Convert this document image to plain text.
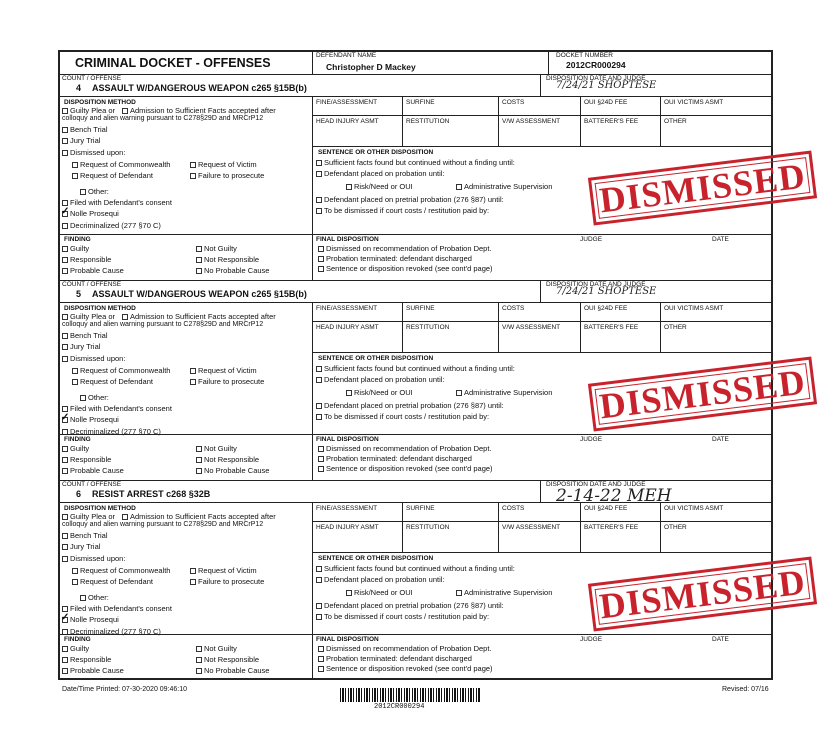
CRIMINAL DOCKET - OFFENSES
DEFENDANT NAME
Christopher D Mackey
DOCKET NUMBER
2012CR000294
COUNT / OFFENSE	DISPOSITION DATE AND JUDGE
4 ASSAULT W/DANGEROUS WEAPON c265 §15B(b)	7/24/21 SHOPTESE
DISPOSITION METHOD
Guilty Plea or	Admission to Sufficient Facts accepted after
colloquy and alien warning pursuant to C278§29D and MRCrP12
Bench Trial
Jury Trial
Dismissed upon:
Request of Commonwealth	Request of Victim
Request of Defendant	Failure to prosecute
Other:
Filed with Defendant's consent
Nolle Prosequi
✓
Decriminalized (277 §70 C)
FINE/ASSESSMENT	SURFINE	COSTS	OUI §24D FEE	OUI VICTIMS ASMT
HEAD INJURY ASMT	RESTITUTION	V/W ASSESSMENT	BATTERER'S FEE	OTHER
SENTENCE OR OTHER DISPOSITION
Sufficient facts found but continued without a finding until:
Defendant placed on probation until:
Risk/Need or OUI	Administrative Supervision
Defendant placed on pretrial probation (276 §87) until:
To be dismissed if court costs / restitution paid by:	DISMISSED
FINDING
Guilty	Not Guilty
Responsible	Not Responsible
Probable Cause	No Probable Cause
FINAL DISPOSITION	JUDGE	DATE
Dismissed on recommendation of Probation Dept.
Probation terminated: defendant discharged
Sentence or disposition revoked (see cont'd page)
COUNT / OFFENSE	DISPOSITION DATE AND JUDGE
5 ASSAULT W/DANGEROUS WEAPON c265 §15B(b)	7/24/21 SHOPTESE
DISPOSITION METHOD
Guilty Plea or	Admission to Sufficient Facts accepted after
colloquy and alien warning pursuant to C278§29D and MRCrP12
Bench Trial
Jury Trial
Dismissed upon:
Request of Commonwealth	Request of Victim
Request of Defendant	Failure to prosecute
Other:
Filed with Defendant's consent
Nolle Prosequi
✓
Decriminalized (277 §70 C)
FINE/ASSESSMENT	SURFINE	COSTS	OUI §24D FEE	OUI VICTIMS ASMT
HEAD INJURY ASMT	RESTITUTION	V/W ASSESSMENT	BATTERER'S FEE	OTHER
SENTENCE OR OTHER DISPOSITION
Sufficient facts found but continued without a finding until:
Defendant placed on probation until:
Risk/Need or OUI	Administrative Supervision
Defendant placed on pretrial probation (276 §87) until:
To be dismissed if court costs / restitution paid by:	DISMISSED
FINDING
Guilty	Not Guilty
Responsible	Not Responsible
Probable Cause	No Probable Cause
FINAL DISPOSITION	JUDGE	DATE
Dismissed on recommendation of Probation Dept.
Probation terminated: defendant discharged
Sentence or disposition revoked (see cont'd page)
COUNT / OFFENSE	DISPOSITION DATE AND JUDGE
6 RESIST ARREST c268 §32B	2-14-22 MEH
DISPOSITION METHOD
Guilty Plea or	Admission to Sufficient Facts accepted after
colloquy and alien warning pursuant to C278§29D and MRCrP12
Bench Trial
Jury Trial
Dismissed upon:
Request of Commonwealth	Request of Victim
Request of Defendant	Failure to prosecute
Other:
Filed with Defendant's consent
Nolle Prosequi
✓
Decriminalized (277 §70 C)
FINE/ASSESSMENT	SURFINE	COSTS	OUI §24D FEE	OUI VICTIMS ASMT
HEAD INJURY ASMT	RESTITUTION	V/W ASSESSMENT	BATTERER'S FEE	OTHER
SENTENCE OR OTHER DISPOSITION
Sufficient facts found but continued without a finding until:
Defendant placed on probation until:
Risk/Need or OUI	Administrative Supervision
Defendant placed on pretrial probation (276 §87) until:
To be dismissed if court costs / restitution paid by:	DISMISSED
FINDING
Guilty	Not Guilty
Responsible	Not Responsible
Probable Cause	No Probable Cause
FINAL DISPOSITION	JUDGE	DATE
Dismissed on recommendation of Probation Dept.
Probation terminated: defendant discharged
Sentence or disposition revoked (see cont'd page)
Date/Time Printed: 07-30-2020 09:46:10
2012CR000294
Revised: 07/16
